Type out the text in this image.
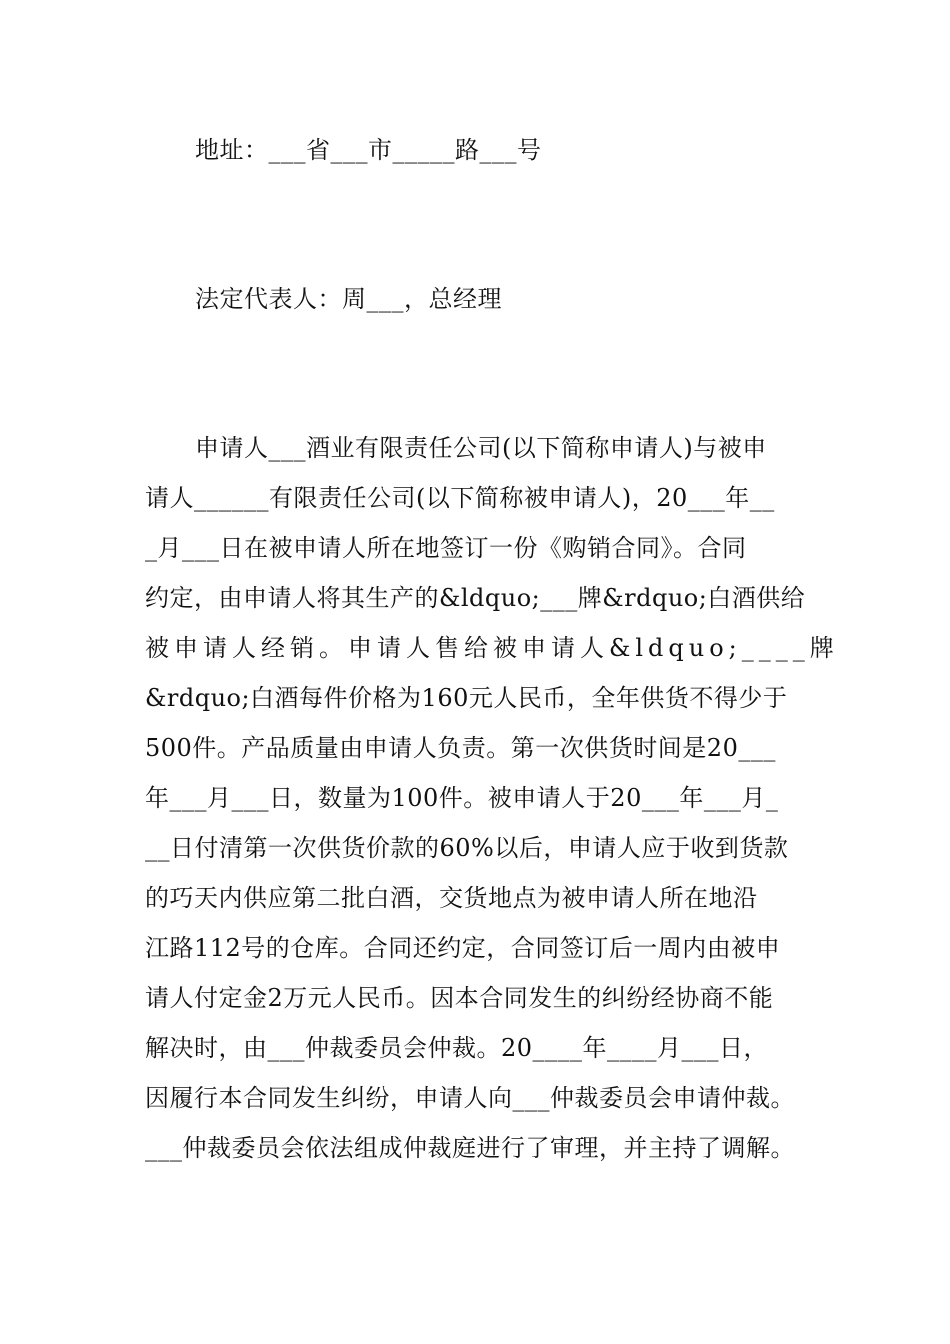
地址：___省___市_____路___号
法定代表人：周___，总经理
申请人___酒业有限责任公司(以下简称申请人)与被申
请人______有限责任公司(以下简称被申请人)，20___年__
_月___日在被申请人所在地签订一份《购销合同》。合同
约定，由申请人将其生产的&ldquo;___牌&rdquo;白酒供给
被申请人经销。申请人售给被申请人&ldquo;____牌
&rdquo;白酒每件价格为160元人民币，全年供货不得少于
500件。产品质量由申请人负责。第一次供货时间是20___
年___月___日，数量为100件。被申请人于20___年___月_
__日付清第一次供货价款的60%以后，申请人应于收到货款
的巧天内供应第二批白酒，交货地点为被申请人所在地沿
江路112号的仓库。合同还约定，合同签订后一周内由被申
请人付定金2万元人民币。因本合同发生的纠纷经协商不能
解决时，由___仲裁委员会仲裁。20____年____月___日，
因履行本合同发生纠纷，申请人向___仲裁委员会申请仲裁。
___仲裁委员会依法组成仲裁庭进行了审理，并主持了调解。
